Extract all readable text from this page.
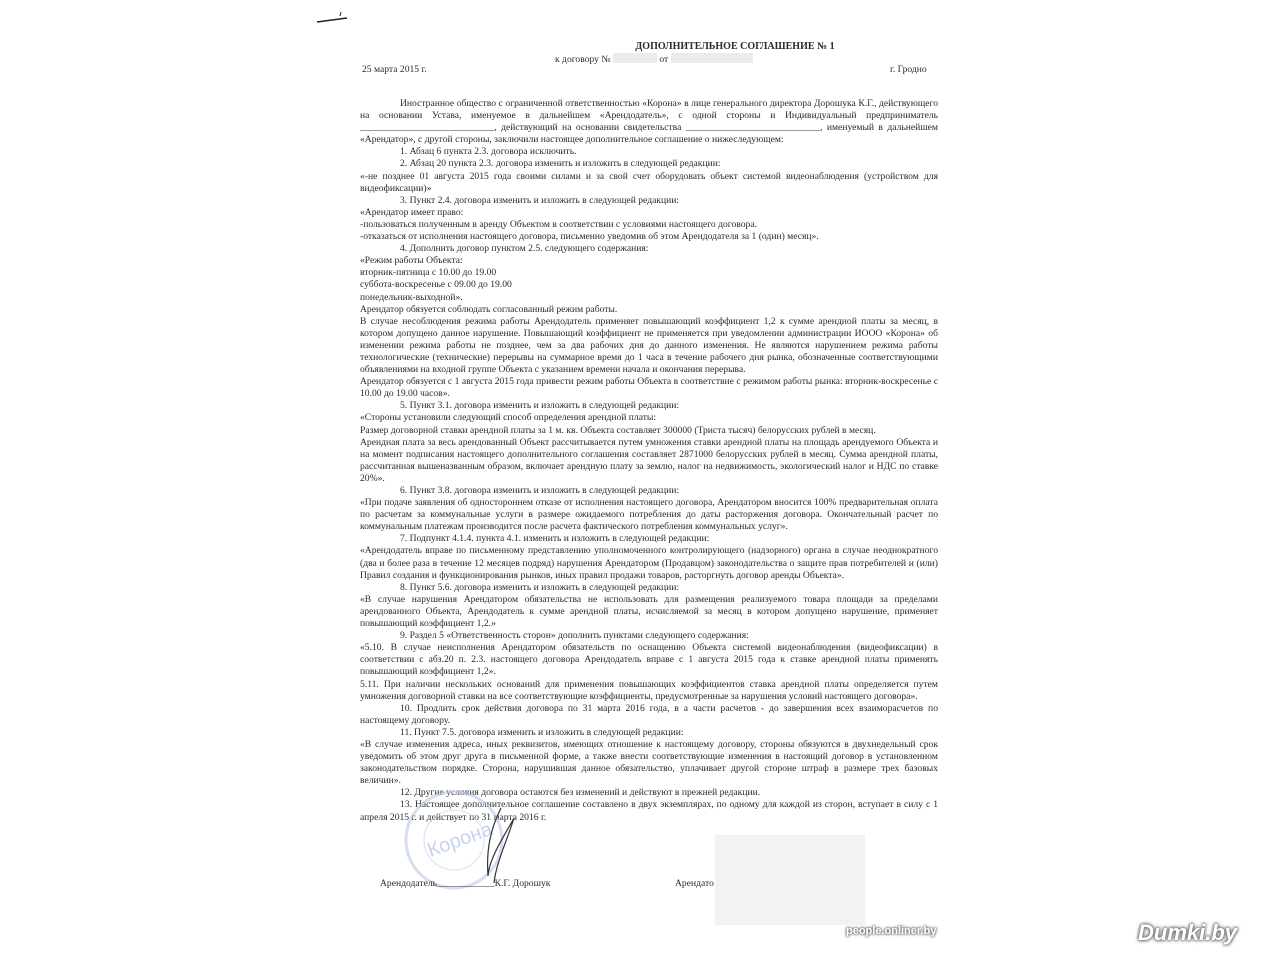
ДОПОЛНИТЕЛЬНОЕ СОГЛАШЕНИЕ № 1
к договору №	от
25 марта 2015 г.	г. Гродно

Иностранное общество с ограниченной ответственностью «Корона» в лице генерального директора Дорошука К.Г., действующего на основании Устава, именуемое в дальнейшем «Арендодатель», с одной стороны и Индивидуальный предприниматель ____________________________, действующий на основании свидетельства ____________________________, именуемый в дальнейшем «Арендатор», с другой стороны, заключили настоящее дополнительное соглашение о нижеследующем:

1. Абзац 6 пункта 2.3. договора исключить.

2. Абзац 20 пункта 2.3. договора изменить и изложить в следующей редакции:

«-не позднее 01 августа 2015 года своими силами и за свой счет оборудовать объект системой видеонаблюдения (устройством для видеофиксации)»

3. Пункт 2.4. договора изменить и изложить в следующей редакции:

«Арендатор имеет право:

-пользоваться полученным в аренду Объектом в соответствии с условиями настоящего договора.

-отказаться от исполнения настоящего договора, письменно уведомив об этом Арендодателя за 1 (один) месяц».

4. Дополнить договор пунктом 2.5. следующего содержания:

«Режим работы Объекта:

вторник-пятница с 10.00 до 19.00

суббота-воскресенье с 09.00 до 19.00

понедельник-выходной».

Арендатор обязуется соблюдать согласованный режим работы.

В случае несоблюдения режима работы Арендодатель применяет повышающий коэффициент 1,2 к сумме арендной платы за месяц, в котором допущено данное нарушение. Повышающий коэффициент не применяется при уведомлении администрации ИООО «Корона» об изменении режима работы не позднее, чем за два рабочих дня до данного изменения. Не являются нарушением режима работы технологические (технические) перерывы на суммарное время до 1 часа в течение рабочего дня рынка, обозначенные соответствующими объявлениями на входной группе Объекта с указанием времени начала и окончания перерыва.

Арендатор обязуется с 1 августа 2015 года привести режим работы Объекта в соответствие с режимом работы рынка: вторник-воскресенье с 10.00 до 19.00 часов».

5. Пункт 3.1. договора изменить и изложить в следующей редакции:

«Стороны установили следующий способ определения арендной платы:

Размер договорной ставки арендной платы за 1 м. кв. Объекта составляет 300000 (Триста тысяч) белорусских рублей в месяц.

Арендная плата за весь арендованный Объект рассчитывается путем умножения ставки арендной платы на площадь арендуемого Объекта и на момент подписания настоящего дополнительного соглашения составляет 2871000 белорусских рублей в месяц. Сумма арендной платы, рассчитанная вышеназванным образом, включает арендную плату за землю, налог на недвижимость, экологический налог и НДС по ставке 20%».

6. Пункт 3.8. договора изменить и изложить в следующей редакции:

«При подаче заявления об одностороннем отказе от исполнения настоящего договора, Арендатором вносится 100% предварительная оплата по расчетам за коммунальные услуги в размере ожидаемого потребления до даты расторжения договора. Окончательный расчет по коммунальным платежам производится после расчета фактического потребления коммунальных услуг».

7. Подпункт 4.1.4. пункта 4.1. изменить и изложить в следующей редакции:

«Арендодатель вправе по письменному представлению уполномоченного контролирующего (надзорного) органа в случае неоднократного (два и более раза в течение 12 месяцев подряд) нарушения Арендатором (Продавцом) законодательства о защите прав потребителей и (или) Правил создания и функционирования рынков, иных правил продажи товаров, расторгнуть договор аренды Объекта».

8. Пункт 5.6. договора изменить и изложить в следующей редакции:

«В случае нарушения Арендатором обязательства не использовать для размещения реализуемого товара площади за пределами арендованного Объекта, Арендодатель к сумме арендной платы, исчисляемой за месяц в котором допущено нарушение, применяет повышающий коэффициент 1,2.»

9. Раздел 5 «Ответственность сторон» дополнить пунктами следующего содержания:

«5.10. В случае неисполнения Арендатором обязательств по оснащению Объекта системой видеонаблюдения (видеофиксации) в соответствии с абз.20 п. 2.3. настоящего договора Арендодатель вправе с 1 августа 2015 года к ставке арендной платы применять повышающий коэффициент 1,2».

5.11. При наличии нескольких оснований для применения повышающих коэффициентов ставка арендной платы определяется путем умножения договорной ставки на все соответствующие коэффициенты, предусмотренные за нарушения условий настоящего договора».

10. Продлить срок действия договора по 31 марта 2016 года, в а части расчетов - до завершения всех взаиморасчетов по настоящему договору.

11. Пункт 7.5. договора изменить и изложить в следующей редакции:

«В случае изменения адреса, иных реквизитов, имеющих отношение к настоящему договору, стороны обязуются в двухнедельный срок уведомить об этом друг друга в письменной форме, а также внести соответствующие изменения в настоящий договор в установленном законодательством порядке. Сторона, нарушившая данное обязательство, уплачивает другой стороне штраф в размере трех базовых величин».

12. Другие условия договора остаются без изменений и действуют в прежней редакции.

13. Настоящее дополнительное соглашение составлено в двух экземплярах, по одному для каждой из сторон, вступает в силу с 1 апреля 2015 г. и действует по 31 марта 2016 г.

Корона
Арендодатель____________К.Г. Дорошук	Арендато
people.onliner.by	Dumki.by
